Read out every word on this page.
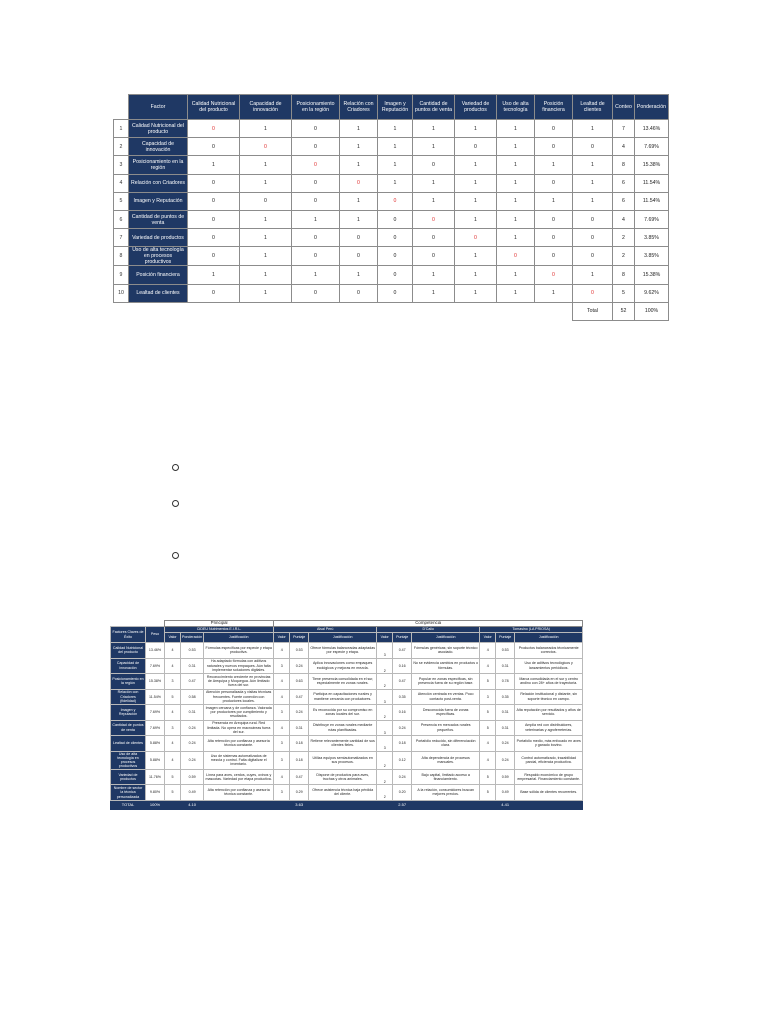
	Factor	Calidad Nutricional del producto	Capacidad de innovación	Posicionamiento en la región	Relación con Criadores	Imagen y Reputación	Cantidad de puntos de venta	Variedad de productos	Uso de alta tecnología	Posición financiera	Lealtad de clientes	Conteo	Ponderación
1	Calidad Nutricional del producto	0	1	0	1	1	1	1	1	0	1	7	13.46%
2	Capacidad de innovación	0	0	0	1	1	1	0	1	0	0	4	7.69%
3	Posicionamiento en la región	1	1	0	1	1	0	1	1	1	1	8	15.38%
4	Relación con Criadores	0	1	0	0	1	1	1	1	0	1	6	11.54%
5	Imagen y Reputación	0	0	0	1	0	1	1	1	1	1	6	11.54%
6	Cantidad de puntos de venta	0	1	1	1	0	0	1	1	0	0	4	7.69%
7	Variedad de productos	0	1	0	0	0	0	0	1	0	0	2	3.85%
8	Uso de alta tecnología en procesos productivos	0	1	0	0	0	0	1	0	0	0	2	3.85%
9	Posición financiera	1	1	1	1	0	1	1	1	0	1	8	15.38%
10	Lealtad de clientes	0	1	0	0	0	1	1	1	1	0	5	9.62%
											Total	52	100%
		Principal			Competencia								
Factores Claves de Éxito	Peso	CIDEU Nutrimentos E.I.R.L.			Alsal Perú			D'Calio			Tomasino (LA PRIOSA)		
		Valor	Ponderación	Justificación	Valor	Puntaje	Justificación	Valor	Puntaje	Justificación	Valor	Puntaje	Justificación
Calidad Nutricional del producto	13.46%	4	0.53	Fórmulas específicas por especie y etapa productiva.	4	0.53	Ofrece fórmulas balanceadas adaptadas por especie y etapa.	3	0.47	Fórmulas genéricas; sin soporte técnico asociado.	4	0.53	Productos balanceados técnicamente correctos.
Capacidad de innovación	7.69%	4	0.31	Ha adaptado fórmulas con aditivos naturales y nuevos empaques. Aún falta implementar soluciones digitales.	3	0.24	Aplica innovaciones como empaques ecológicos y mejoras en mezcla.	2	0.16	No se evidencia cambios en productos o fórmulas.	4	0.31	Uso de aditivos tecnológicos y lanzamientos periódicos.
Posicionamiento en la región	15.38%	3	0.47	Reconocimiento creciente en provincias de Arequipa y Moquegua. Aún limitado fuera del sur.	4	0.63	Tiene presencia consolidada en el sur, especialmente en zonas rurales.	2	0.47	Popular en zonas específicas, sin presencia fuera de su región base.	5	0.78	Marca consolidada en el sur y centro andino con 28+ años de trayectoria.
Relación con Criadores (fidelidad)	11.54%	5	0.58	Atención personalizada y visitas técnicas frecuentes. Fuerte conexión con productores locales.	4	0.47	Participa en capacitaciones rurales y mantiene cercanía con productores.	3	0.35	Atención centrada en ventas. Poco contacto post-venta.	3	0.35	Relación institucional y distante, sin soporte técnico en campo.
Imagen y Reputación	7.69%	4	0.31	Imagen cercana y de confianza. Valorada por productores por cumplimiento y resultados.	3	0.24	Es reconocida por su compromiso en zonas locales del sur.	2	0.16	Desconocida fuera de zonas específicas.	5	0.31	Alta reputación por resultados y años de servicio.
Cantidad de puntos de venta	7.69%	3	0.24	Presencia en Arequipa rural. Red limitada. No opera en macroáreas fuera del sur.	4	0.31	Distribuye en zonas rurales mediante rutas planificadas.	3	0.24	Presencia en mercados rurales pequeños.	5	0.31	Amplia red con distribuidores, veterinarias y agroferreterías.
Lealtad de clientes	5.88%	4	0.24	Alta retención por confianza y asesoría técnica constante.	3	0.18	Retiene relevantemente cantidad de sus clientes fieles.	3	0.18	Portafolio reducido, sin diferenciación clara.	4	0.24	Portafolio medio, más enfocado en aves y ganado bovino.
Uso de alta tecnología en procesos productivos	5.88%	4	0.24	Uso de sistemas automatizados de mezcla y control. Falta digitalizar el inventario.	3	0.18	Utiliza equipos semiautomatizados en sus procesos.	2	0.12	Alta dependencia de procesos manuales.	4	0.24	Control automatizado, trazabilidad parcial, eficiencia productiva.
Variedad de productos	11.76%	5	0.59	Línea para aves, cerdos, cuyes, ovinos y mascotas. Variedad por etapa productiva.	4	0.47	Dispone de productos para aves, truchas y otros animales.	2	0.24	Bajo capital, limitado acceso a financiamiento.	5	0.59	Respaldo económico de grupo empresarial. Financiamiento constante.
Nombre de sector la técnica personalizada	9.80%	5	0.49	Alta retención por confianza y asesoría técnica constante.	3	0.29	Ofrece asistencia técnica baja pérdida del cliente.	2	0.20	A la relación, consumidores buscan mejores precios.	5	0.49	Base sólida de clientes recurrentes.
TOTAL	100%		4.10			3.63			2.57			4.41	
